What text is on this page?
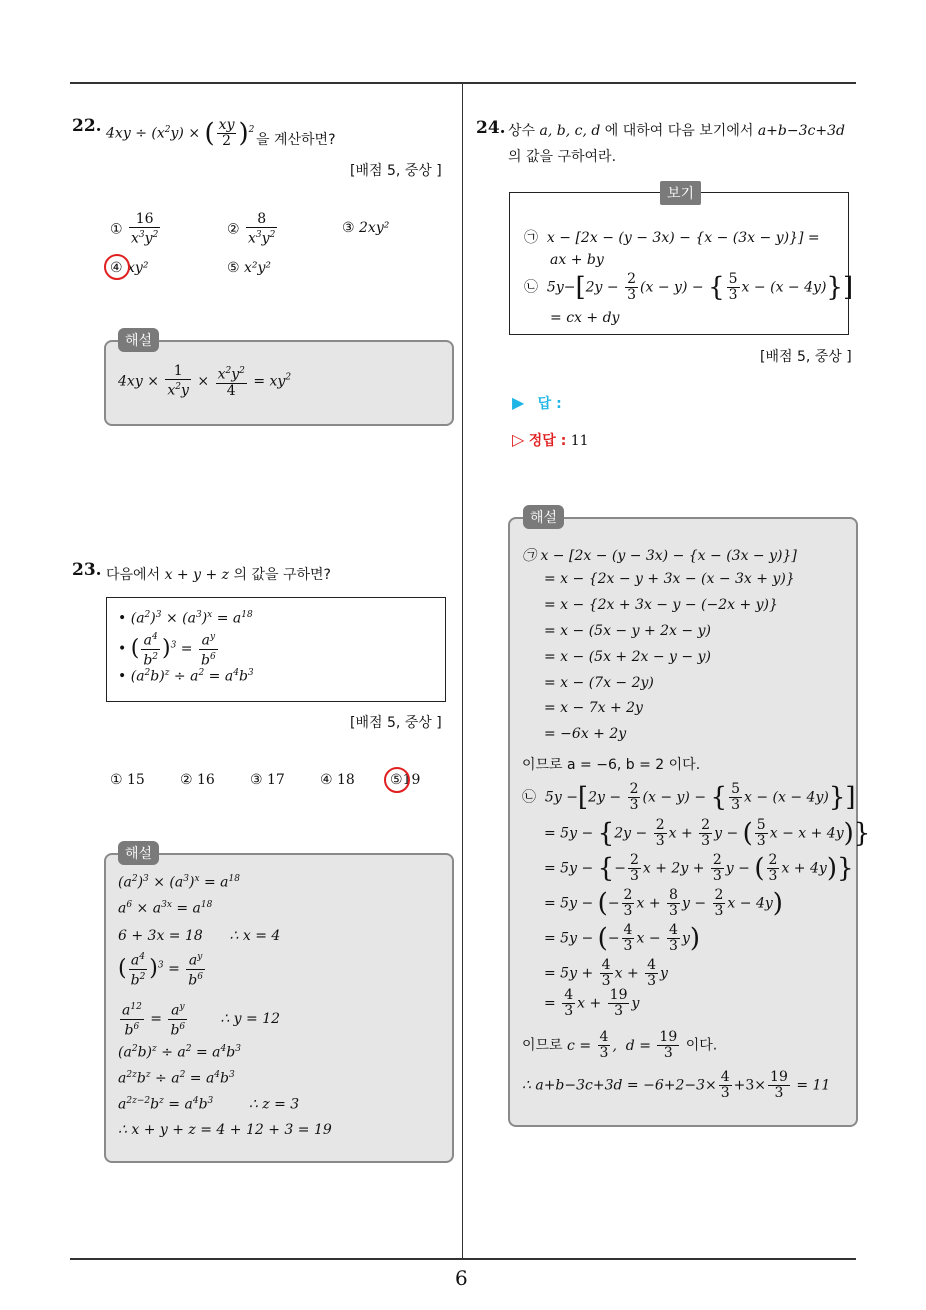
6
22. $4xy \div (x^2y)$ × ( $\frac{xy}{2} )^2$
을 계산하면?
[배점 5, 중상 ]
① $\frac{16}{x^3y^2}$	② $\frac{8}{x^3y^2}$	③ 2xy²
④ xy²	⑤ x²y²
해설
$4xy \times \frac{1}{x^2y} \times \frac{x^2y^2}{4} = xy^2$
23. 다음에서 x + y + z 의 값을 구하면?
• $(a^2)^3 \times (a^3)^x = a^{18}$
• ( $\frac{a^4}{b^2} )^3 = \frac{a^y}{b^6}$
• $(a^2b)^z \div a^2 = a^4b^3$
[배점 5, 중상 ]
① 15	② 16	③ 17	④ 18	⑤19
해설
$(a^2)^3 \times (a^3)^x = a^{18}$
$a^6 \times a^{3x} = a^{18}$
6 + 3x = 18 ∴ x = 4
( $\frac{a^4}{b^2} )^3 = \frac{a^y}{b^6}$
$\frac{a^{12}}{b^6} = \frac{a^y}{b^6}$ ∴ y = 12
$(a^2b)^z \div a^2 = a^4b^3$
$a^{2z}b^z \div a^2 = a^4b^3$
$a^{2z-2}b^z = a^4b^3$	∴ z = 3
∴ x + y + z = 4 + 12 + 3 = 19
24. 상수 a, b, c, d 에 대하여 다음 보기에서 a+b−3c+3d
의 값을 구하여라.
보기
㉠ x − [2x − (y − 3x) − {x − (3x − y)}] =
ax + by
㉡  $5y-[2y - \frac{2}{3} (x - y)$ − { $\frac{5}{3}$ x − (x − 4y)}]
= cx + dy
[배점 5, 중상 ]
▶ 답 :
▷ 정답 : 11
해설
㉠ x − [2x − (y − 3x) − {x − (3x − y)}]
= x − {2x − y + 3x − (x − 3x + y)}
= x − {2x + 3x − y − (−2x + y)}
= x − (5x − y + 2x − y)
= x − (5x + 2x − y − y)
= x − (7x − 2y)
= x − 7x + 2y
= −6x + 2y
이므로 a = −6, b = 2 이다.
㉡  $5y -[2y - \frac{2}{3} (x - y)$ − { $\frac{5}{3}$ x − (x − 4y)}]
= $5y - \{2y - \frac{2}{3}$ $x + \frac{2}{3}$ y − ( $\frac{5}{3}$ x − x + 4y)}
= 5y − {− $\frac{2}{3}$ $x + 2y + \frac{2}{3}$ y − ( $\frac{2}{3}$ x + 4y)}
= 5y − (− $\frac{2}{3}$ $x + \frac{8}{3}$ $y - \frac{2}{3}$ x − 4y)
= 5y − (− $\frac{4}{3}$ $x - \frac{4}{3} y$)
= $5y + \frac{4}{3}$ $x + \frac{4}{3}$ y
= $\frac{4}{3}$ $x + \frac{19}{3}$ y
이므로 $c = \frac{4}{3}$ ,  $d = \frac{19}{3}$ 이다.
∴ $a+b-3c+3d = -6+2-3\times \frac{4}{3} +3\times \frac{19}{3} = 11$
